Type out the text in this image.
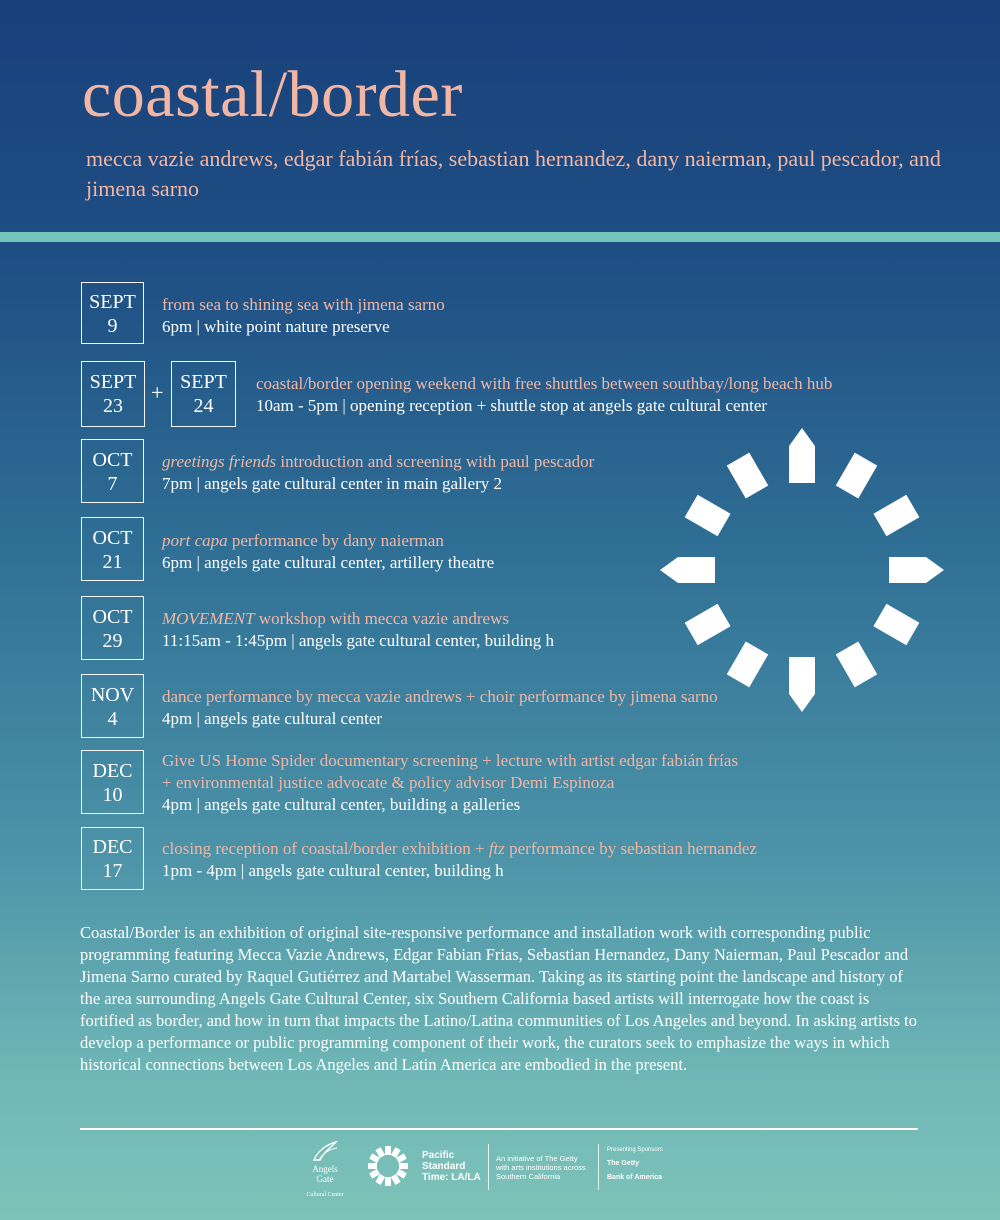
coastal/border

mecca vazie andrews, edgar fabián frías, sebastian hernandez, dany naierman, paul pescador, and jimena sarno

SEPT
9
from sea to shining sea with jimena sarno
6pm | white point nature preserve
SEPT
23
+ SEPT
24
coastal/border opening weekend with free shuttles between southbay/long beach hub
10am - 5pm | opening reception + shuttle stop at angels gate cultural center
OCT
7
greetings friends introduction and screening with paul pescador
7pm | angels gate cultural center in main gallery 2
OCT
21
port capa performance by dany naierman
6pm | angels gate cultural center, artillery theatre
OCT
29
MOVEMENT workshop with mecca vazie andrews
11:15am - 1:45pm | angels gate cultural center, building h
NOV
4
dance performance by mecca vazie andrews + choir performance by jimena sarno
4pm | angels gate cultural center
DEC
10
Give US Home Spider documentary screening + lecture with artist edgar fabián frías
+ environmental justice advocate & policy advisor Demi Espinoza
4pm | angels gate cultural center, building a galleries
DEC
17
closing reception of coastal/border exhibition + ftz performance by sebastian hernandez
1pm - 4pm | angels gate cultural center, building h

Coastal/Border is an exhibition of original site-responsive performance and installation work with corresponding public programming featuring Mecca Vazie Andrews, Edgar Fabian Frias, Sebastian Hernandez, Dany Naierman, Paul Pescador and Jimena Sarno curated by Raquel Gutiérrez and Martabel Wasserman. Taking as its starting point the landscape and history of the area surrounding Angels Gate Cultural Center, six Southern California based artists will interrogate how the coast is fortified as border, and how in turn that impacts the Latino/Latina communities of Los Angeles and beyond. In asking artists to develop a performance or public programming component of their work, the curators seek to emphasize the ways in which historical connections between Los Angeles and Latin America are embodied in the present.

Angels
Gate
Cultural Center
Pacific
Standard
Time: LA/LA
An initiative of The Getty with arts institutions across Southern California
Presenting Sponsors
The Getty
Bank of America
